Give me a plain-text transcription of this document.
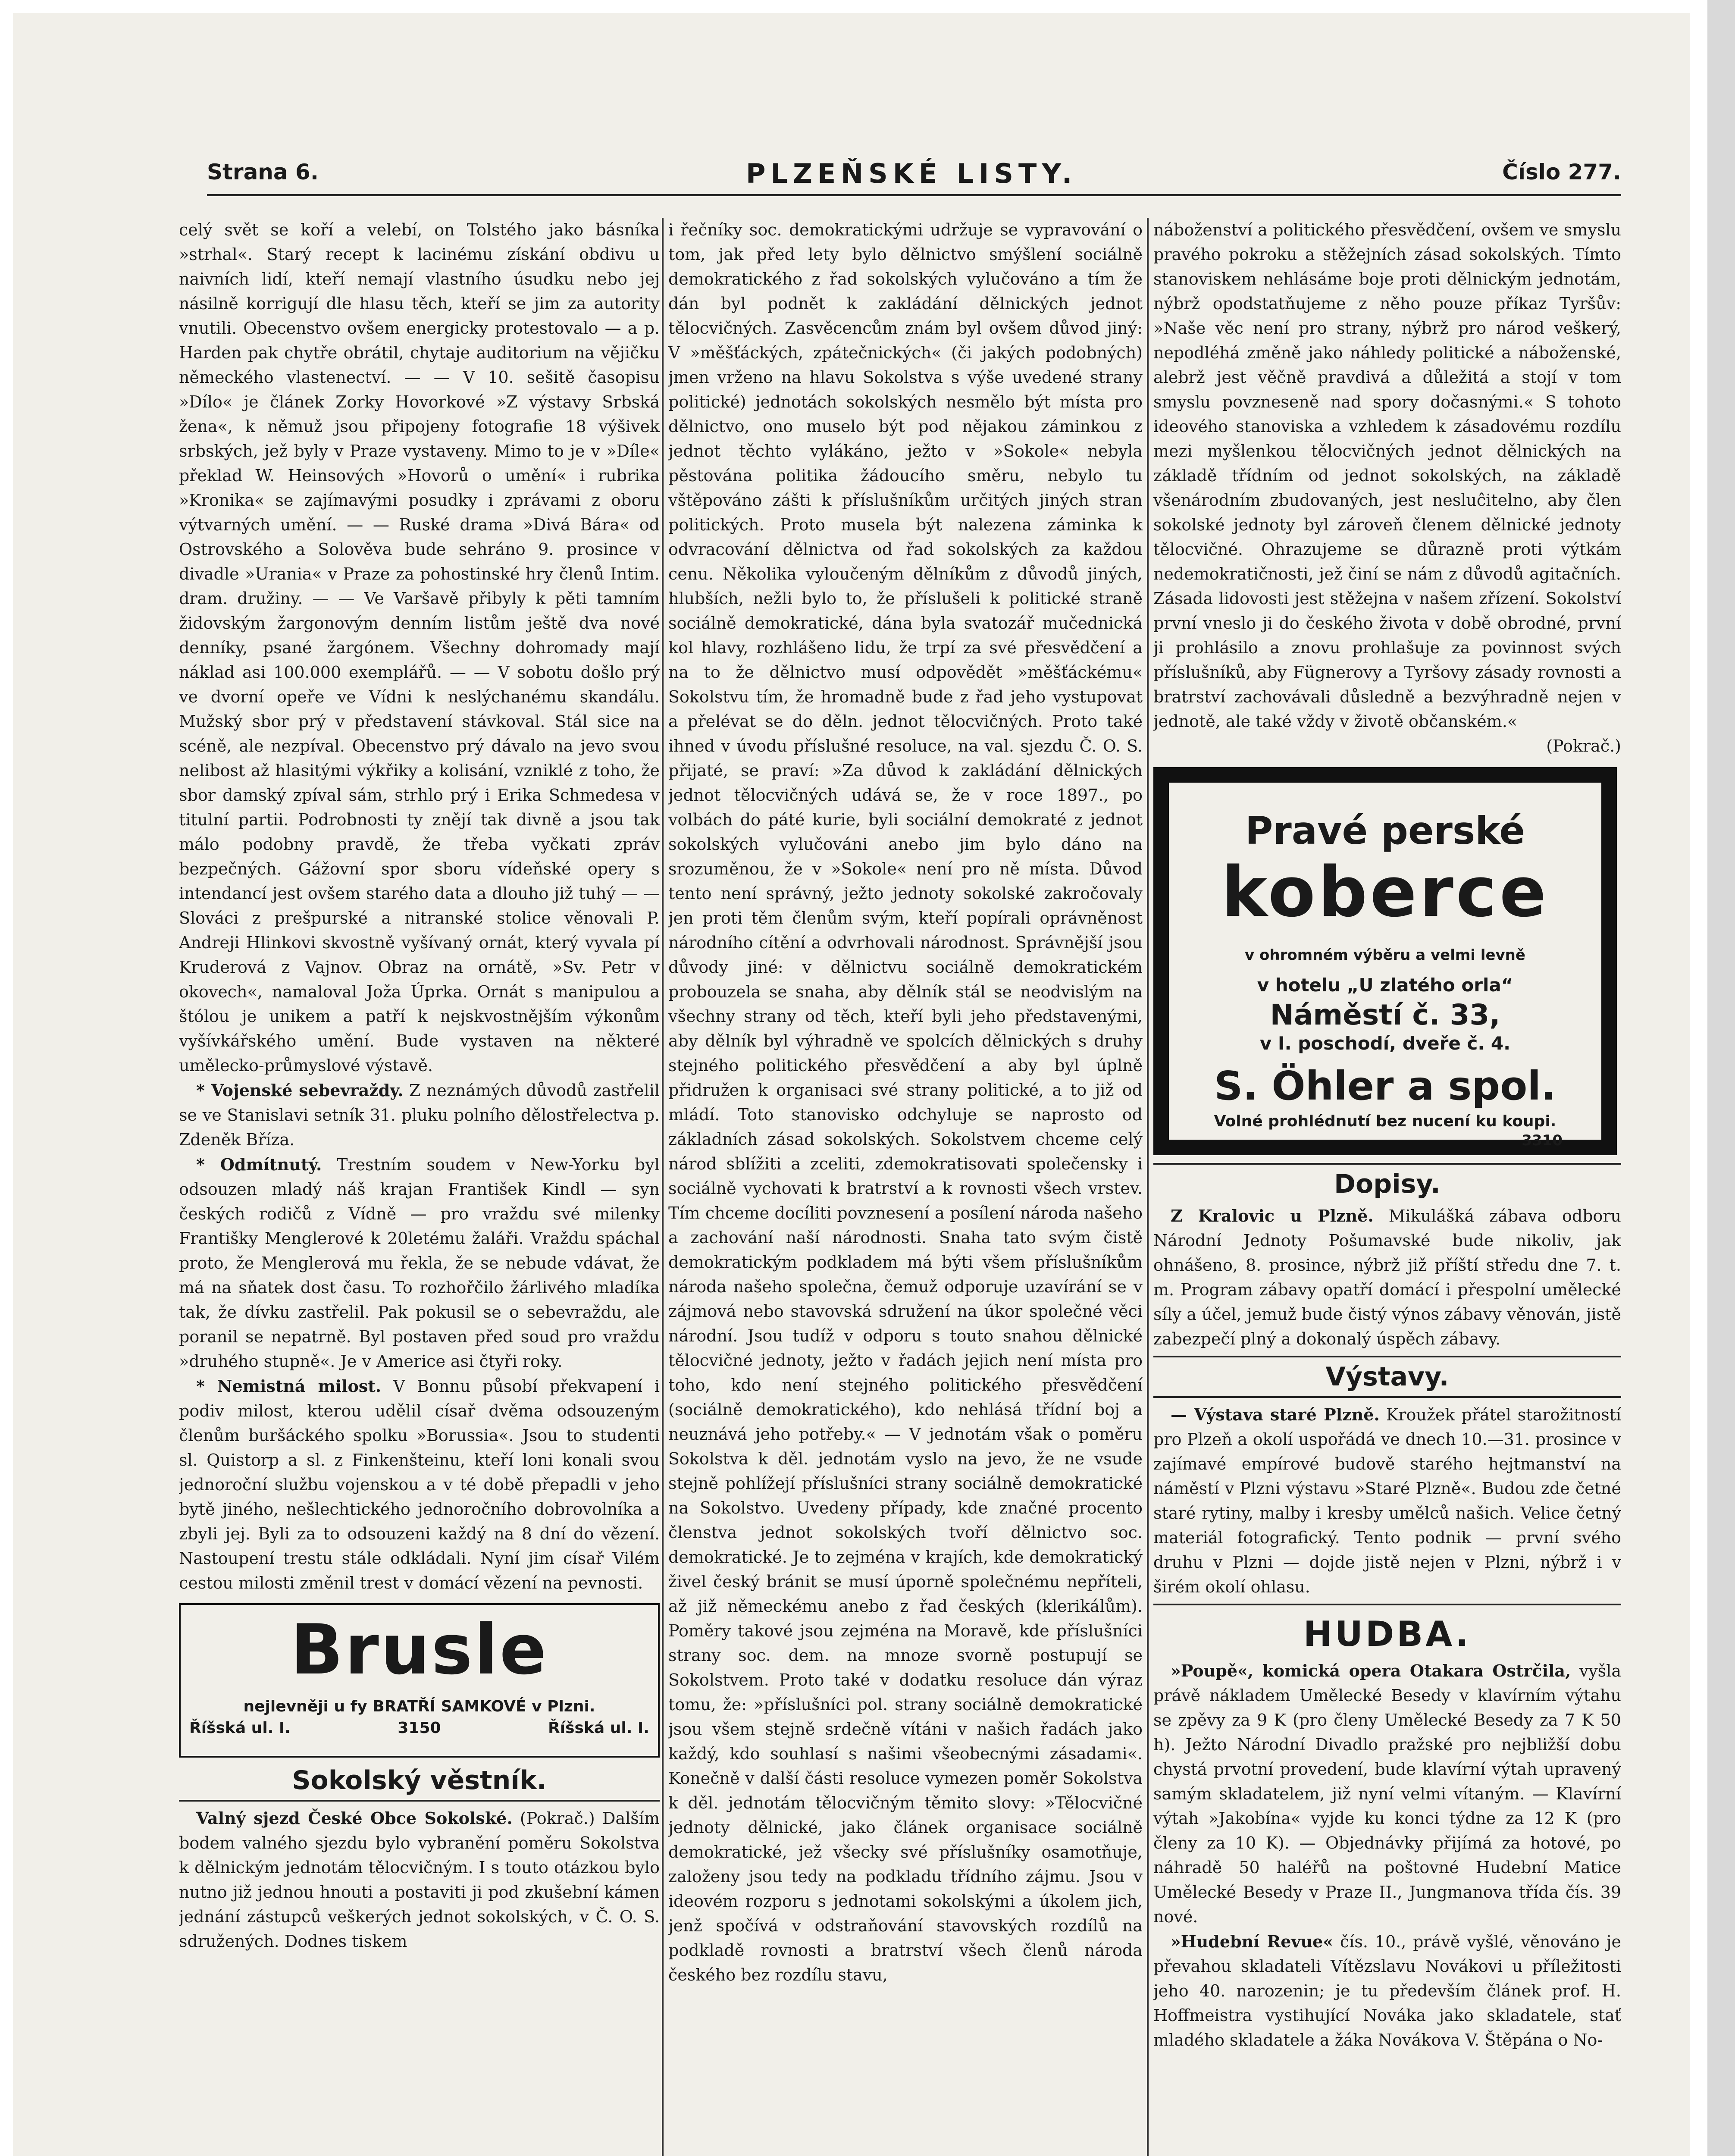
Strana 6.	PLZEŇSKÉ LISTY.	Číslo 277.

celý svět se koří a velebí, on Tolstého jako básníka »strhal«. Starý recept k lacinému získání obdivu u naivních lidí, kteří nemají vlastního úsudku nebo jej násilně korrigují dle hlasu těch, kteří se jim za autority vnutili. Obecenstvo ovšem energicky protestovalo — a p. Harden pak chytře obrátil, chytaje auditorium na vějičku německého vlastenectví. — — V 10. sešitě časopisu »Dílo« je článek Zorky Hovorkové »Z výstavy Srbská žena«, k němuž jsou připojeny fotografie 18 výšivek srbských, jež byly v Praze vystaveny. Mimo to je v »Díle« překlad W. Heinsových »Hovorů o umění« i rubrika »Kronika« se zajímavými posudky i zprávami z oboru výtvarných umění. — — Ruské drama »Divá Bára« od Ostrovského a Solověva bude sehráno 9. prosince v divadle »Urania« v Praze za pohostinské hry členů Intim. dram. družiny. — — Ve Varšavě přibyly k pěti tamním židovským žargonovým denním listům ještě dva nové denníky, psané žargónem. Všechny dohromady mají náklad asi 100.000 exemplářů. — — V sobotu došlo prý ve dvorní opeře ve Vídni k neslýchanému skandálu. Mužský sbor prý v představení stávkoval. Stál sice na scéně, ale nezpíval. Obecenstvo prý dávalo na jevo svou nelibost až hlasitými výkřiky a kolisání, vzniklé z toho, že sbor damský zpíval sám, strhlo prý i Erika Schmedesa v titulní partii. Podrobnosti ty znějí tak divně a jsou tak málo podobny pravdě, že třeba vyčkati zpráv bezpečných. Gážovní spor sboru vídeňské opery s intendancí jest ovšem starého data a dlouho již tuhý — — Slováci z prešpurské a nitranské stolice věnovali P. Andreji Hlinkovi skvostně vyšívaný ornát, který vyvala pí Kruderová z Vajnov. Obraz na ornátě, »Sv. Petr v okovech«, namaloval Joža Úprka. Ornát s manipulou a štólou je unikem a patří k nejskvostnějším výkonům vyšívkářského umění. Bude vystaven na některé umělecko-průmyslové výstavě.

* Vojenské sebevraždy. Z neznámých důvodů zastřelil se ve Stanislavi setník 31. pluku polního dělostřelectva p. Zdeněk Bříza.

* Odmítnutý. Trestním soudem v New-Yorku byl odsouzen mladý náš krajan František Kindl — syn českých rodičů z Vídně — pro vraždu své milenky Františky Menglerové k 20letému žaláři. Vraždu spáchal proto, že Menglerová mu řekla, že se nebude vdávat, že má na sňatek dost času. To rozhořčilo žárlivého mladíka tak, že dívku zastřelil. Pak pokusil se o sebevraždu, ale poranil se nepatrně. Byl postaven před soud pro vraždu »druhého stupně«. Je v Americe asi čtyři roky.

* Nemistná milost. V Bonnu působí překvapení i podiv milost, kterou udělil císař dvěma odsouzeným členům buršáckého spolku »Borussia«. Jsou to studenti sl. Quistorp a sl. z Finkenšteinu, kteří loni konali svou jednoroční službu vojenskou a v té době přepadli v jeho bytě jiného, nešlechtického jednoročního dobrovolníka a zbyli jej. Byli za to odsouzeni každý na 8 dní do vězení. Nastoupení trestu stále odkládali. Nyní jim císař Vilém cestou milosti změnil trest v domácí vězení na pevnosti.

Brusle
nejlevněji u fy BRATŘÍ SAMKOVÉ v Plzni.
Říšská ul. I.	3150	Říšská ul. I.
Sokolský věstník.

Valný sjezd České Obce Sokolské. (Pokrač.) Dalším bodem valného sjezdu bylo vybranění poměru Sokolstva k dělnickým jednotám tělocvičným. I s touto otázkou bylo nutno již jednou hnouti a postaviti ji pod zkušební kámen jednání zástupců veškerých jednot sokolských, v Č. O. S. sdružených. Dodnes tiskem

i řečníky soc. demokratickými udržuje se vypravování o tom, jak před lety bylo dělnictvo smýšlení sociálně demokratického z řad sokolských vylučováno a tím že dán byl podnět k zakládání dělnických jednot tělocvičných. Zasvěcencům znám byl ovšem důvod jiný: V »měšťáckých, zpátečnických« (či jakých podobných) jmen vrženo na hlavu Sokolstva s výše uvedené strany politické) jednotách sokolských nesmělo být místa pro dělnictvo, ono muselo být pod nějakou záminkou z jednot těchto vylákáno, ježto v »Sokole« nebyla pěstována politika žádoucího směru, nebylo tu vštěpováno zášti k příslušníkům určitých jiných stran politických. Proto musela být nalezena záminka k odvracování dělnictva od řad sokolských za každou cenu. Několika vyloučeným dělníkům z důvodů jiných, hlubších, nežli bylo to, že příslušeli k politické straně sociálně demokratické, dána byla svatozář mučednická kol hlavy, rozhlášeno lidu, že trpí za své přesvědčení a na to že dělnictvo musí odpovědět »měšťáckému« Sokolstvu tím, že hromadně bude z řad jeho vystupovat a přelévat se do děln. jednot tělocvičných. Proto také ihned v úvodu příslušné resoluce, na val. sjezdu Č. O. S. přijaté, se praví: »Za důvod k zakládání dělnických jednot tělocvičných udává se, že v roce 1897., po volbách do páté kurie, byli sociální demokraté z jednot sokolských vylučováni anebo jim bylo dáno na srozuměnou, že v »Sokole« není pro ně místa. Důvod tento není správný, ježto jednoty sokolské zakročovaly jen proti těm členům svým, kteří popírali oprávněnost národního cítění a odvrhovali národnost. Správnější jsou důvody jiné: v dělnictvu sociálně demokratickém probouzela se snaha, aby dělník stál se neodvislým na všechny strany od těch, kteří byli jeho představenými, aby dělník byl výhradně ve spolcích dělnických s druhy stejného politického přesvědčení a aby byl úplně přidružen k organisaci své strany politické, a to již od mládí. Toto stanovisko odchyluje se naprosto od základních zásad sokolských. Sokolstvem chceme celý národ sblížiti a zceliti, zdemokratisovati společensky i sociálně vychovati k bratrství a k rovnosti všech vrstev. Tím chceme docíliti povznesení a posílení národa našeho a zachování naší národnosti. Snaha tato svým čistě demokratickým podkladem má býti všem příslušníkům národa našeho společna, čemuž odporuje uzavírání se v zájmová nebo stavovská sdružení na úkor společné věci národní. Jsou tudíž v odporu s touto snahou dělnické tělocvičné jednoty, ježto v řadách jejich není místa pro toho, kdo není stejného politického přesvědčení (sociálně demokratického), kdo nehlásá třídní boj a neuznává jeho potřeby.« — V jednotám však o poměru Sokolstva k děl. jednotám vyslo na jevo, že ne vsude stejně pohlížejí příslušníci strany sociálně demokratické na Sokolstvo. Uvedeny případy, kde značné procento členstva jednot sokolských tvoří dělnictvo soc. demokratické. Je to zejména v krajích, kde demokratický živel český bránit se musí úporně společnému nepříteli, až již německému anebo z řad českých (klerikálům). Poměry takové jsou zejména na Moravě, kde příslušníci strany soc. dem. na mnoze svorně postupují se Sokolstvem. Proto také v dodatku resoluce dán výraz tomu, že: »příslušníci pol. strany sociálně demokratické jsou všem stejně srdečně vítáni v našich řadách jako každý, kdo souhlasí s našimi všeobecnými zásadami«. Konečně v další části resoluce vymezen poměr Sokolstva k děl. jednotám tělocvičným těmito slovy: »Tělocvičné jednoty dělnické, jako článek organisace sociálně demokratické, jež všecky své příslušníky osamotňuje, založeny jsou tedy na podkladu třídního zájmu. Jsou v ideovém rozporu s jednotami sokolskými a úkolem jich, jenž spočívá v odstraňování stavovských rozdílů na podkladě rovnosti a bratrství všech členů národa českého bez rozdílu stavu,

náboženství a politického přesvědčení, ovšem ve smyslu pravého pokroku a stěžejních zásad sokolských. Tímto stanoviskem nehlásáme boje proti dělnickým jednotám, nýbrž opodstatňujeme z něho pouze příkaz Tyršův: »Naše věc není pro strany, nýbrž pro národ veškerý, nepodléhá změně jako náhledy politické a náboženské, alebrž jest věčně pravdivá a důležitá a stojí v tom smyslu povzneseně nad spory dočasnými.« S tohoto ideového stanoviska a vzhledem k zásadovému rozdílu mezi myšlenkou tělocvičných jednot dělnických na základě třídním od jednot sokolských, na základě všenárodním zbudovaných, jest nesluĉitelno, aby člen sokolské jednoty byl zároveň členem dělnické jednoty tělocvičné. Ohrazujeme se důrazně proti výtkám nedemokratičnosti, jež činí se nám z důvodů agitačních. Zásada lidovosti jest stěžejna v našem zřízení. Sokolství první vneslo ji do českého života v době obrodné, první ji prohlásilo a znovu prohlašuje za povinnost svých příslušníků, aby Fügnerovy a Tyršovy zásady rovnosti a bratrství zachovávali důsledně a bezvýhradně nejen v jednotě, ale také vždy v životě občanském.«

(Pokrač.)
Pravé perské
koberce
v ohromném výběru a velmi levně
v hotelu „U zlatého orla“
Náměstí č. 33,
v I. poschodí, dveře č. 4.
S. Öhler a spol.
Volné prohlédnutí bez nucení ku koupi.
3310
Dopisy.

Z Kralovic u Plzně. Mikulášká zábava odboru Národní Jednoty Pošumavské bude nikoliv, jak ohnášeno, 8. prosince, nýbrž již příští středu dne 7. t. m. Program zábavy opatří domácí i přespolní umělecké síly a účel, jemuž bude čistý výnos zábavy věnován, jistě zabezpečí plný a dokonalý úspěch zábavy.

Výstavy.

— Výstava staré Plzně. Kroužek přátel starožitností pro Plzeň a okolí uspořádá ve dnech 10.—31. prosince v zajímavé empírové budově starého hejtmanství na náměstí v Plzni výstavu »Staré Plzně«. Budou zde četné staré rytiny, malby i kresby umělců našich. Velice četný materiál fotografický. Tento podnik — první svého druhu v Plzni — dojde jistě nejen v Plzni, nýbrž i v širém okolí ohlasu.

HUDBA.

»Poupě«, komická opera Otakara Ostrčila, vyšla právě nákladem Umělecké Besedy v klavírním výtahu se zpěvy za 9 K (pro členy Umělecké Besedy za 7 K 50 h). Ježto Národní Divadlo pražské pro nejbližší dobu chystá prvotní provedení, bude klavírní výtah upravený samým skladatelem, již nyní velmi vítaným. — Klavírní výtah »Jakobína« vyjde ku konci týdne za 12 K (pro členy za 10 K). — Objednávky přijímá za hotové, po náhradě 50 haléřů na poštovné Hudební Matice Umělecké Besedy v Praze II., Jungmanova třída čís. 39 nové.

»Hudební Revue« čís. 10., právě vyšlé, věnováno je převahou skladateli Vítězslavu Novákovi u příležitosti jeho 40. narozenin; je tu především článek prof. H. Hoffmeistra vystihující Nováka jako skladatele, stať mladého skladatele a žáka Novákova V. Štěpána o No-
